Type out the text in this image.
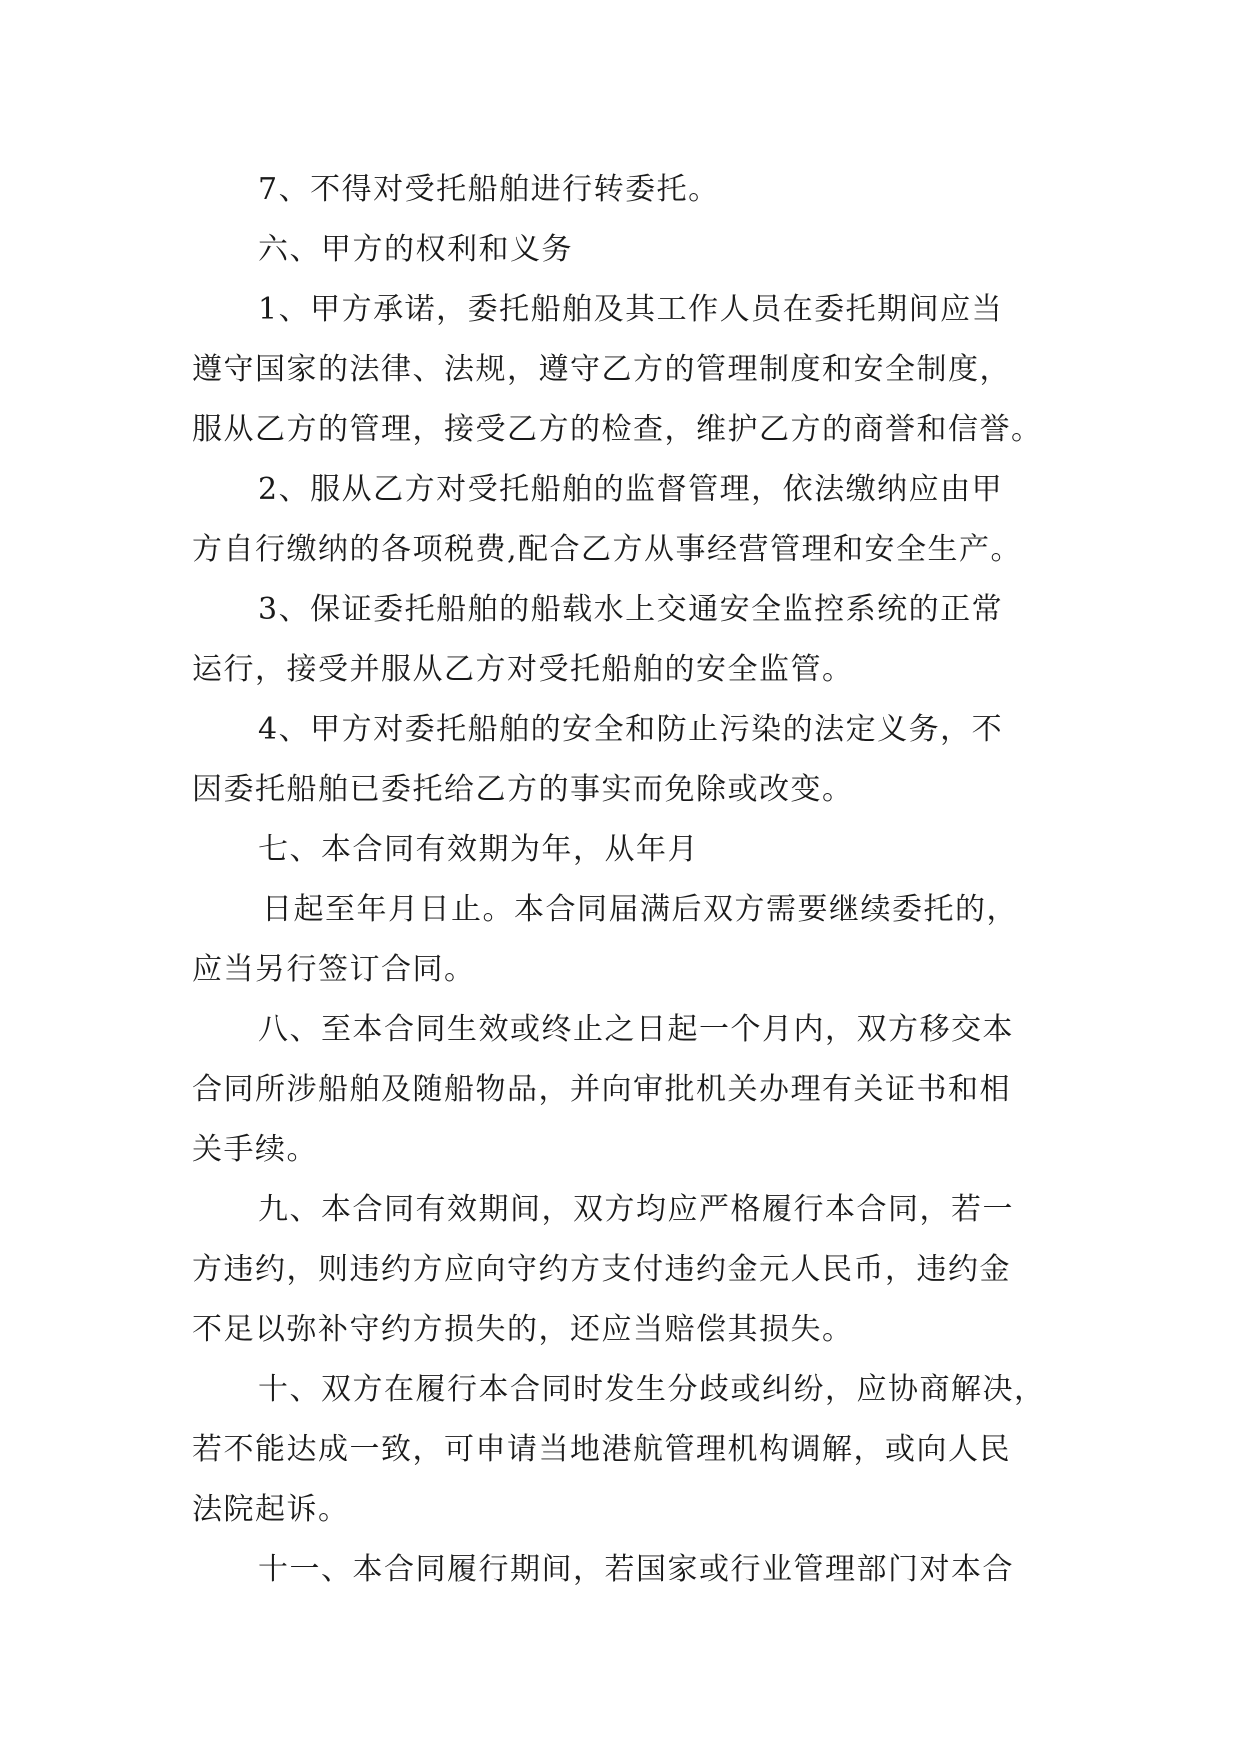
7、不得对受托船舶进行转委托。

六、甲方的权利和义务

1、甲方承诺，委托船舶及其工作人员在委托期间应当
遵守国家的法律、法规，遵守乙方的管理制度和安全制度，
服从乙方的管理，接受乙方的检查，维护乙方的商誉和信誉。

2、服从乙方对受托船舶的监督管理，依法缴纳应由甲
方自行缴纳的各项税费,配合乙方从事经营管理和安全生产。

3、保证委托船舶的船载水上交通安全监控系统的正常
运行，接受并服从乙方对受托船舶的安全监管。

4、甲方对委托船舶的安全和防止污染的法定义务，不
因委托船舶已委托给乙方的事实而免除或改变。

七、本合同有效期为年，从年月

日起至年月日止。本合同届满后双方需要继续委托的，
应当另行签订合同。

八、至本合同生效或终止之日起一个月内，双方移交本
合同所涉船舶及随船物品，并向审批机关办理有关证书和相
关手续。

九、本合同有效期间，双方均应严格履行本合同，若一
方违约，则违约方应向守约方支付违约金元人民币，违约金
不足以弥补守约方损失的，还应当赔偿其损失。

十、双方在履行本合同时发生分歧或纠纷，应协商解决，
若不能达成一致，可申请当地港航管理机构调解，或向人民
法院起诉。

十一、本合同履行期间，若国家或行业管理部门对本合
